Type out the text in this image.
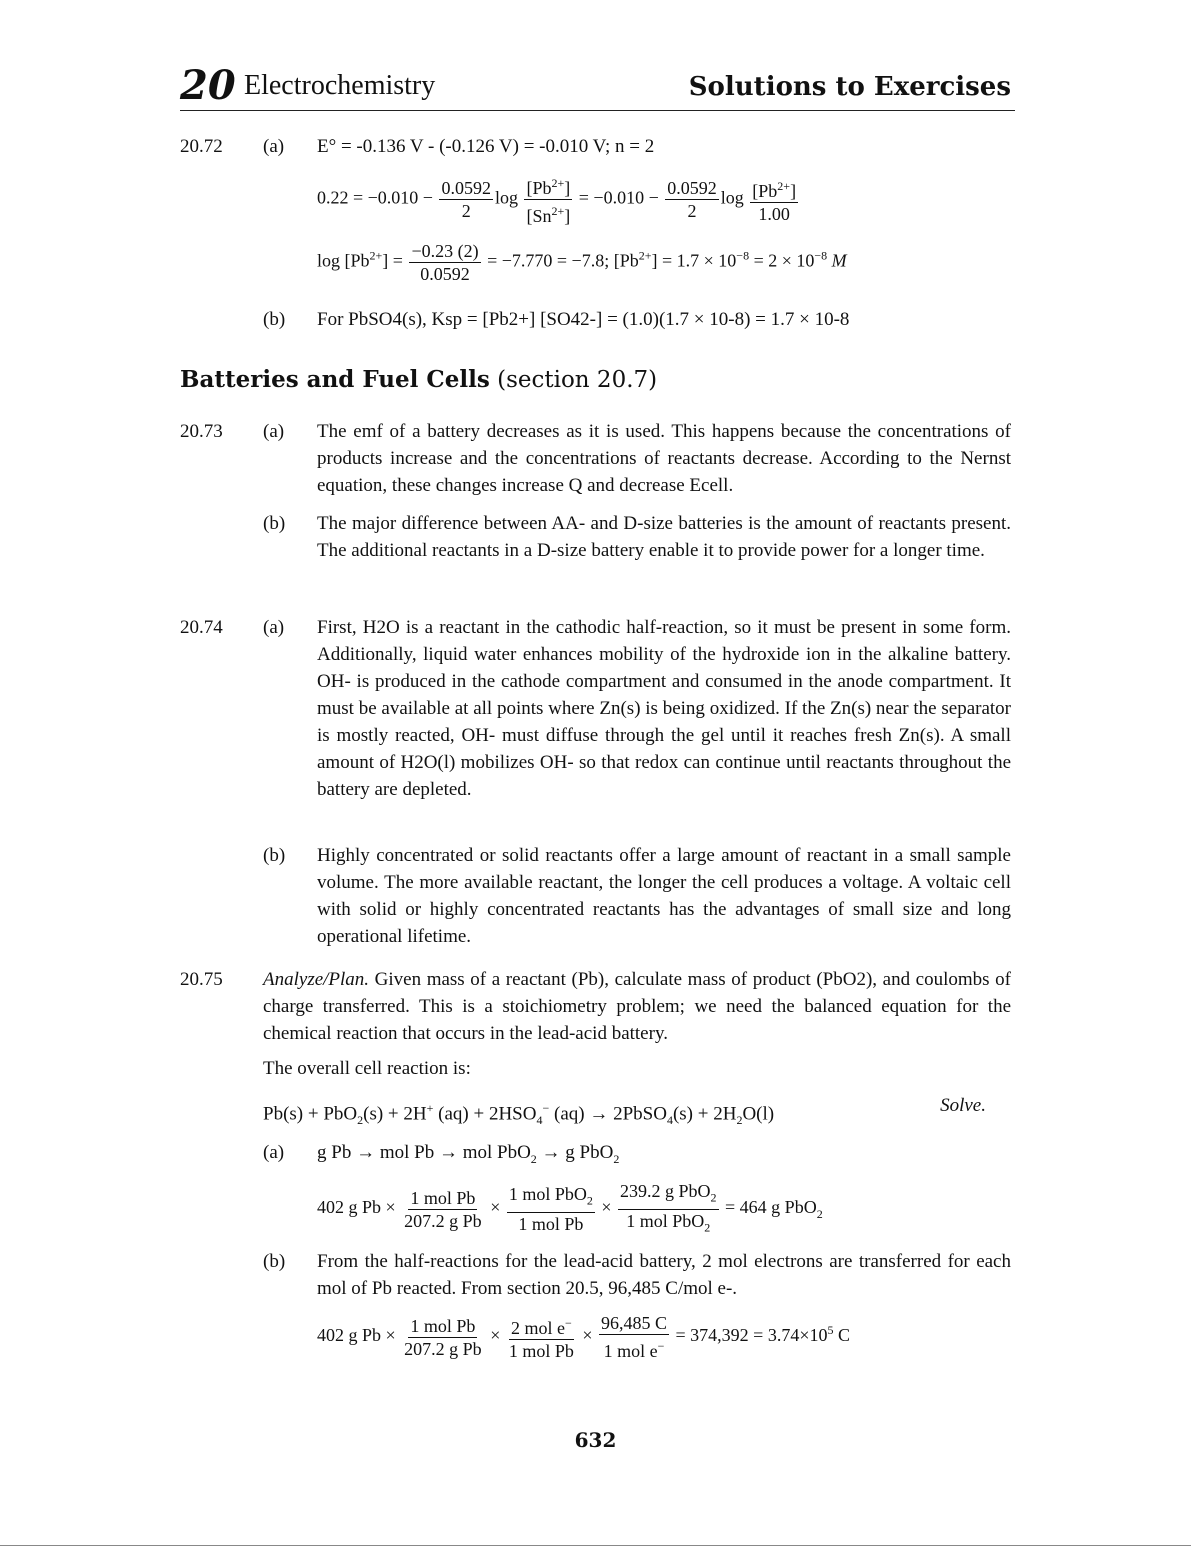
20 Electrochemistry	Solutions to Exercises
20.72 (a) E° = -0.136 V - (-0.126 V) = -0.010 V; n = 2
$0.22 = -0.010 - \frac{0.0592}{2}$ $\log \frac{[Pb^{2+}]}{[Sn^{2+}]} = -0.010 - \frac{0.0592}{2}$ $\log \frac{[Pb^{2+}]}{1.00}$
$\log [Pb^{2+}] = \frac{-0.23 (2)}{0.0592} = -7.770 = -7.8$; $[Pb^{2+}] = 1.7 \times 10^{-8} = 2 \times 10^{-8}$ M
(b) For PbSO4(s), Ksp = [Pb2+] [SO42-] = (1.0)(1.7 × 10-8) = 1.7 × 10-8
Batteries and Fuel Cells (section 20.7)
20.73 (a) The emf of a battery decreases as it is used. This happens because the concentrations of products increase and the concentrations of reactants decrease. According to the Nernst equation, these changes increase Q and decrease Ecell.
(b) The major difference between AA- and D-size batteries is the amount of reactants present. The additional reactants in a D-size battery enable it to provide power for a longer time.
20.74 (a) First, H2O is a reactant in the cathodic half-reaction, so it must be present in some form. Additionally, liquid water enhances mobility of the hydroxide ion in the alkaline battery. OH- is produced in the cathode compartment and consumed in the anode compartment. It must be available at all points where Zn(s) is being oxidized. If the Zn(s) near the separator is mostly reacted, OH- must diffuse through the gel until it reaches fresh Zn(s). A small amount of H2O(l) mobilizes OH- so that redox can continue until reactants throughout the battery are depleted.
(b) Highly concentrated or solid reactants offer a large amount of reactant in a small sample volume. The more available reactant, the longer the cell produces a voltage. A voltaic cell with solid or highly concentrated reactants has the advantages of small size and long operational lifetime.
20.75 Analyze/Plan. Given mass of a reactant (Pb), calculate mass of product (PbO2), and coulombs of charge transferred. This is a stoichiometry problem; we need the balanced equation for the chemical reaction that occurs in the lead-acid battery.
The overall cell reaction is:
Pb(s) + PbO$_2$(s) + 2H+ $(aq) + 2HSO_4^-$ (aq) → 2PbSO$_4$(s) + $2H_2O(l)$	Solve.
(a) g Pb → mol Pb → mol PbO$_2$ → g PbO$_2$
402 g $Pb \times \frac{\text{1 mol Pb}}{\text{207.2 g Pb}} \times \frac{1 mol PbO_2}{\text{1 mol Pb}} \times \frac{239.2 g PbO_2}{1 mol PbO_2} = 464$ g PbO$_2$
(b) From the half-reactions for the lead-acid battery, 2 mol electrons are transferred for each mol of Pb reacted. From section 20.5, 96,485 C/mol e-.
402 g $Pb \times \frac{\text{1 mol Pb}}{\text{207.2 g Pb}} \times \frac{2 mol e^-}{\text{1 mol Pb}} \times \frac{96,485 C}{1 mol e^-} = 374,392 = 3.74\times 10^5$ C
632
